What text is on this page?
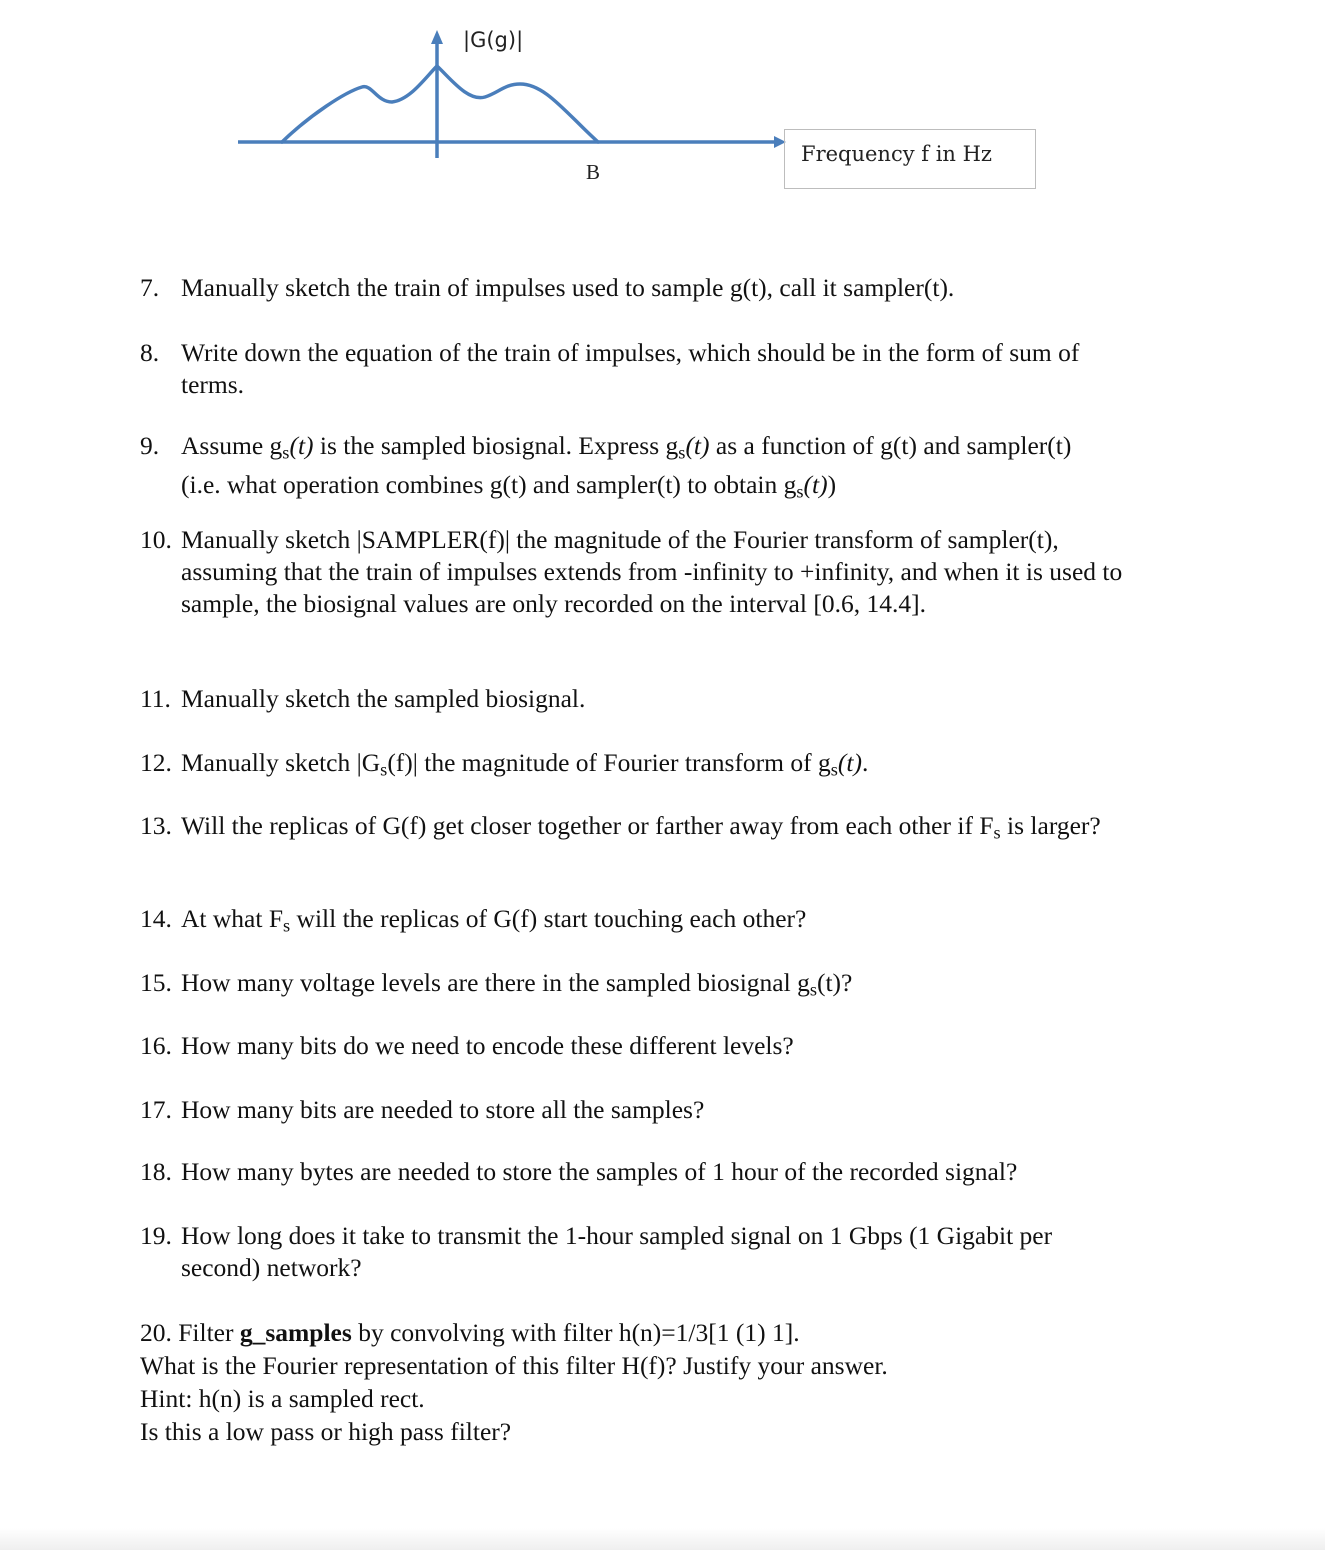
|G(g)|
B
Frequency f in Hz
7. Manually sketch the train of impulses used to sample g(t), call it sampler(t).
8. Write down the equation of the train of impulses, which should be in the form of sum of terms.
9. Assume $g_s(t)$ is the sampled biosignal. Express $g_s(t)$ as a function of g(t) and sampler(t) (i.e. what operation combines g(t) and sampler(t) to obtain $g_s(t)$)
10. Manually sketch |SAMPLER(f)| the magnitude of the Fourier transform of sampler(t), assuming that the train of impulses extends from -infinity to +infinity, and when it is used to sample, the biosignal values are only recorded on the interval [0.6, 14.4].
11. Manually sketch the sampled biosignal.
12. Manually sketch $|G_s(f)|$ the magnitude of Fourier transform of $g_s(t)$.
13. Will the replicas of G(f) get closer together or farther away from each other if $F_s$ is larger?
14. At what $F_s$ will the replicas of G(f) start touching each other?
15. How many voltage levels are there in the sampled biosignal $g_s(t)$?
16. How many bits do we need to encode these different levels?
17. How many bits are needed to store all the samples?
18. How many bytes are needed to store the samples of 1 hour of the recorded signal?
19. How long does it take to transmit the 1-hour sampled signal on 1 Gbps (1 Gigabit per second) network?
20. Filter g_samples by convolving with filter h(n)=1/3[1 (1) 1].
What is the Fourier representation of this filter H(f)? Justify your answer.
Hint: h(n) is a sampled rect.
Is this a low pass or high pass filter?
